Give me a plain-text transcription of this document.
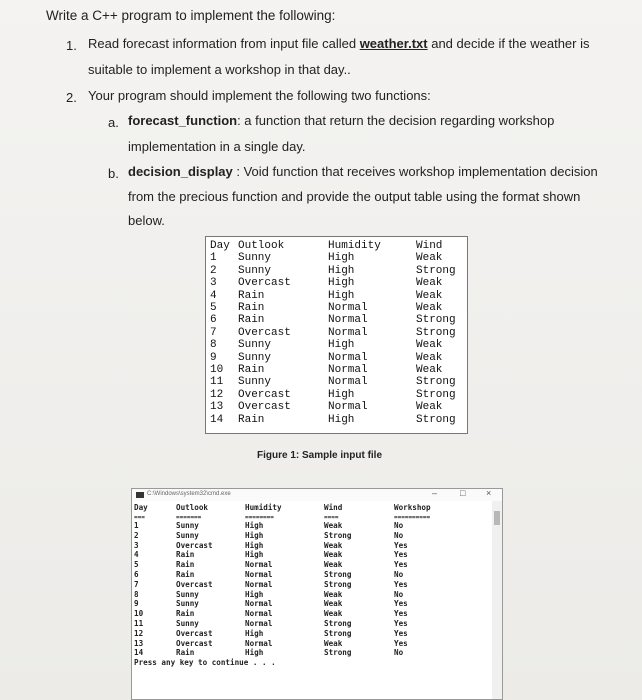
Write a C++ program to implement the following:
1. Read forecast information from input file called weather.txt and decide if the weather is
suitable to implement a workshop in that day..
2. Your program should implement the following two functions:
a. forecast_function: a function that return the decision regarding workshop
implementation in a single day.
b. decision_display : Void function that receives workshop implementation decision
from the precious function and provide the output table using the format shown
below.
Day Outlook	Humidity	Wind
1 Sunny	High	Weak
2 Sunny	High	Strong
3 Overcast	High	Weak
4 Rain	High	Weak
5 Rain	Normal	Weak
6 Rain	Normal	Strong
7 Overcast	Normal	Strong
8 Sunny	High	Weak
9 Sunny	Normal	Weak
10 Rain	Normal	Weak
11 Sunny	Normal	Strong
12 Overcast	High	Strong
13 Overcast	Normal	Weak
14 Rain	High	Strong
Figure 1: Sample input file
C:\Windows\system32\cmd.exe	–	□ ×
Day	Outlook	Humidity	Wind	Workshop
===	=======	========	====	==========
1	Sunny	High	Weak	No
2	Sunny	High	Strong	No
3	Overcast	High	Weak	Yes
4	Rain	High	Weak	Yes
5	Rain	Normal	Weak	Yes
6	Rain	Normal	Strong	No
7	Overcast	Normal	Strong	Yes
8	Sunny	High	Weak	No
9	Sunny	Normal	Weak	Yes
10	Rain	Normal	Weak	Yes
11	Sunny	Normal	Strong	Yes
12	Overcast	High	Strong	Yes
13	Overcast	Normal	Weak	Yes
14	Rain	High	Strong	No
Press any key to continue . . .
